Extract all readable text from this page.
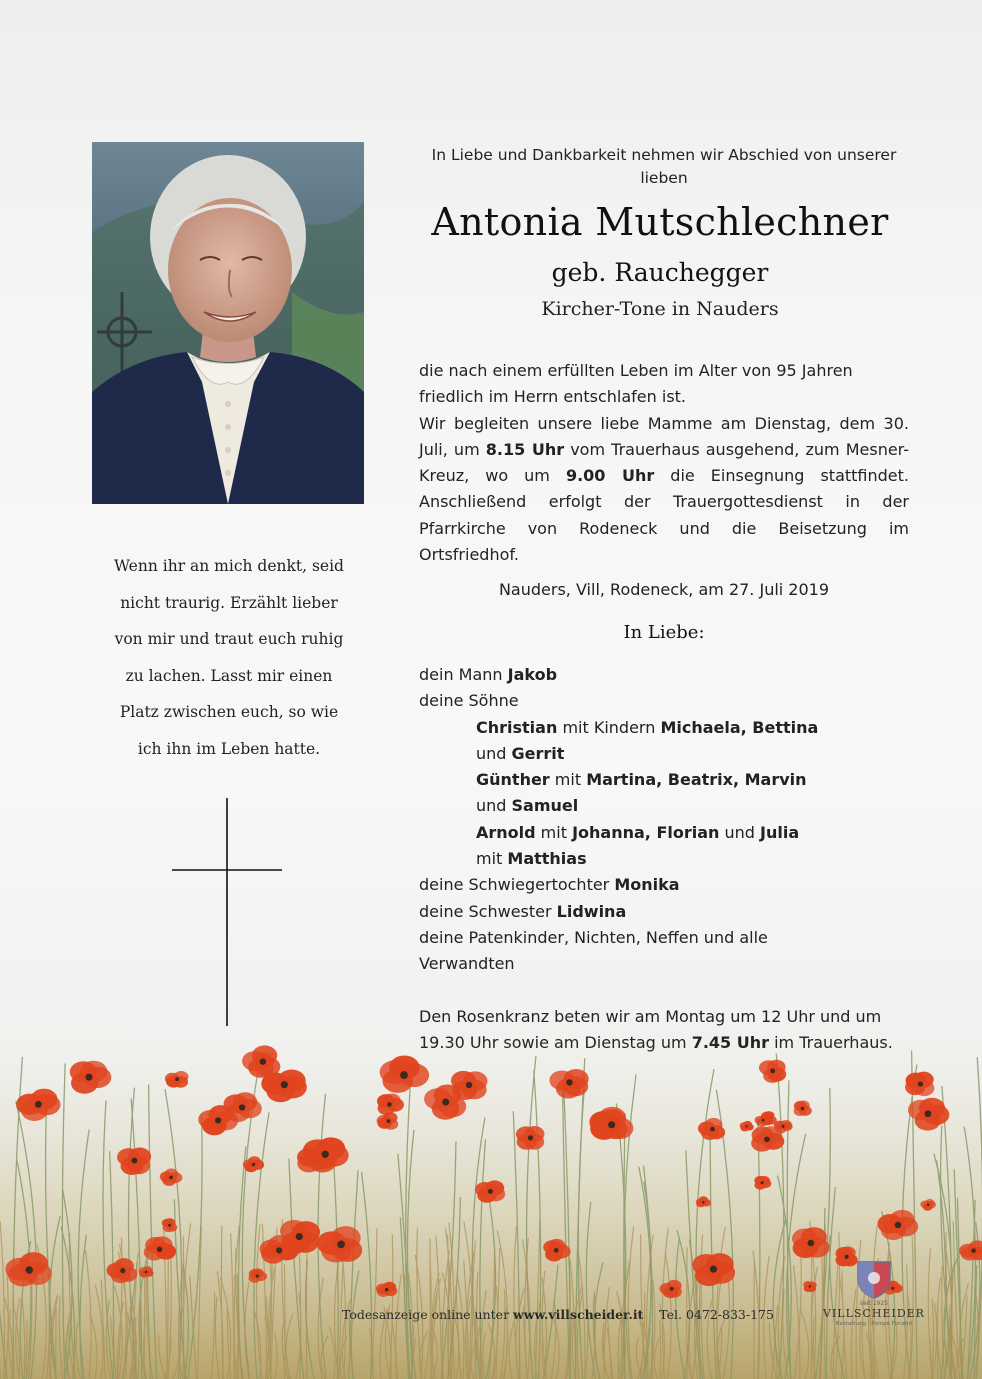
Wenn ihr an mich denkt, seid
nicht traurig. Erzählt lieber
von mir und traut euch ruhig
zu lachen. Lasst mir einen
Platz zwischen euch, so wie
ich ihn im Leben hatte.
In Liebe und Dankbarkeit nehmen wir Abschied von unserer
lieben
Antonia Mutschlechner
geb. Rauchegger
Kircher-Tone in Nauders

die nach einem erfüllten Leben im Alter von 95 Jahren
friedlich im Herrn entschlafen ist.

Wir begleiten unsere liebe Mamme am Dienstag, dem 30. Juli, um 8.15 Uhr vom Trauerhaus ausgehend, zum Mesner-Kreuz, wo um 9.00 Uhr die Einsegnung stattfindet. Anschließend erfolgt der Trauergottesdienst in der Pfarrkirche von Rodeneck und die Beisetzung im Ortsfriedhof.

Nauders, Vill, Rodeneck, am 27. Juli 2019
In Liebe:
dein Mann Jakob
deine Söhne
Christian mit Kindern Michaela, Bettina
und Gerrit
Günther mit Martina, Beatrix, Marvin
und Samuel
Arnold mit Johanna, Florian und Julia
mit Matthias
deine Schwiegertochter Monika
deine Schwester Lidwina
deine Patenkinder, Nichten, Neffen und alle
Verwandten
Den Rosenkranz beten wir am Montag um 12 Uhr und um
Todesanzeige online unter www.villscheider.it Tel. 0472-833-175
seit 1925
VILLSCHEIDER
Bestattung · Pompe Funebri
